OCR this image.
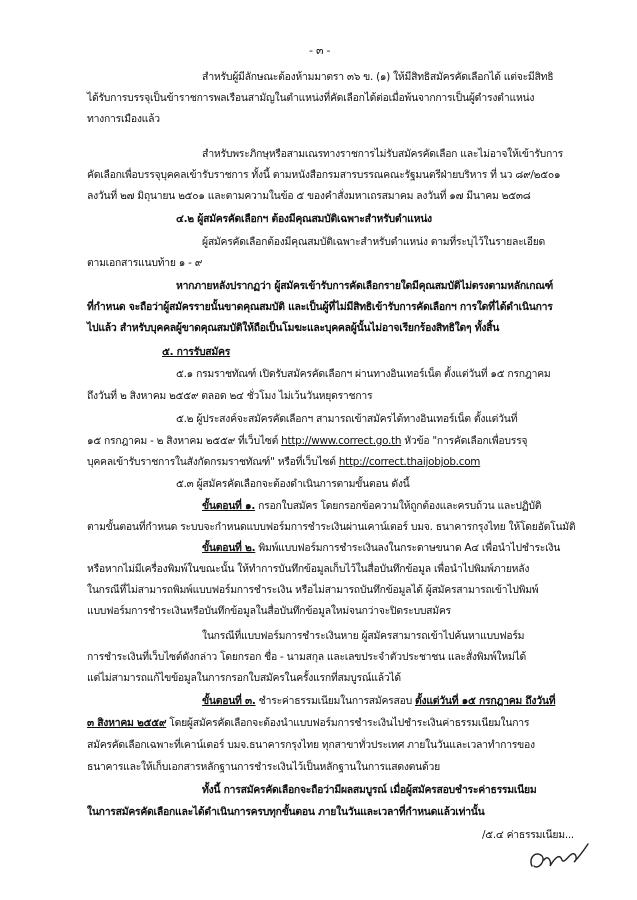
- ๓ -
สำหรับผู้มีลักษณะต้องห้ามมาตรา ๓๖ ข. (๑) ให้มีสิทธิสมัครคัดเลือกได้ แต่จะมีสิทธิ
ได้รับการบรรจุเป็นข้าราชการพลเรือนสามัญในตำแหน่งที่คัดเลือกได้ต่อเมื่อพ้นจากการเป็นผู้ดำรงตำแหน่ง
ทางการเมืองแล้ว
สำหรับพระภิกษุหรือสามเณรทางราชการไม่รับสมัครคัดเลือก และไม่อาจให้เข้ารับการ
คัดเลือกเพื่อบรรจุบุคคลเข้ารับราชการ ทั้งนี้ ตามหนังสือกรมสารบรรณคณะรัฐมนตรีฝ่ายบริหาร ที่ นว ๘๙/๒๕๐๑
ลงวันที่ ๒๗ มิถุนายน ๒๕๐๑ และตามความในข้อ ๕ ของคำสั่งมหาเถรสมาคม ลงวันที่ ๑๗ มีนาคม ๒๕๓๘
๔.๒ ผู้สมัครคัดเลือกฯ ต้องมีคุณสมบัติเฉพาะสำหรับตำแหน่ง
ผู้สมัครคัดเลือกต้องมีคุณสมบัติเฉพาะสำหรับตำแหน่ง ตามที่ระบุไว้ในรายละเอียด
ตามเอกสารแนบท้าย ๑ - ๙
หากภายหลังปรากฏว่า ผู้สมัครเข้ารับการคัดเลือกรายใดมีคุณสมบัติไม่ตรงตามหลักเกณฑ์
ที่กำหนด จะถือว่าผู้สมัครรายนั้นขาดคุณสมบัติ และเป็นผู้ที่ไม่มีสิทธิเข้ารับการคัดเลือกฯ การใดที่ได้ดำเนินการ
ไปแล้ว สำหรับบุคคลผู้ขาดคุณสมบัติให้ถือเป็นโมฆะและบุคคลผู้นั้นไม่อาจเรียกร้องสิทธิใดๆ ทั้งสิ้น
๕. การรับสมัคร
๕.๑ กรมราชทัณฑ์ เปิดรับสมัครคัดเลือกฯ ผ่านทางอินเทอร์เน็ต ตั้งแต่วันที่ ๑๕ กรกฎาคม
ถึงวันที่ ๒ สิงหาคม ๒๕๕๙ ตลอด ๒๔ ชั่วโมง ไม่เว้นวันหยุดราชการ
๕.๒ ผู้ประสงค์จะสมัครคัดเลือกฯ สามารถเข้าสมัครได้ทางอินเทอร์เน็ต ตั้งแต่วันที่
๑๕ กรกฎาคม - ๒ สิงหาคม ๒๕๕๙ ที่เว็บไซต์ http://www.correct.go.th หัวข้อ "การคัดเลือกเพื่อบรรจุ
บุคคลเข้ารับราชการในสังกัดกรมราชทัณฑ์" หรือที่เว็บไซต์ http://correct.thaijobjob.com
๕.๓ ผู้สมัครคัดเลือกจะต้องดำเนินการตามขั้นตอน ดังนี้
ขั้นตอนที่ ๑. กรอกใบสมัคร โดยกรอกข้อความให้ถูกต้องและครบถ้วน และปฏิบัติ
ตามขั้นตอนที่กำหนด ระบบจะกำหนดแบบฟอร์มการชำระเงินผ่านเคาน์เตอร์ บมจ. ธนาคารกรุงไทย ให้โดยอัตโนมัติ
ขั้นตอนที่ ๒. พิมพ์แบบฟอร์มการชำระเงินลงในกระดาษขนาด A๔ เพื่อนำไปชำระเงิน
หรือหากไม่มีเครื่องพิมพ์ในขณะนั้น ให้ทำการบันทึกข้อมูลเก็บไว้ในสื่อบันทึกข้อมูล เพื่อนำไปพิมพ์ภายหลัง
ในกรณีที่ไม่สามารถพิมพ์แบบฟอร์มการชำระเงิน หรือไม่สามารถบันทึกข้อมูลได้ ผู้สมัครสามารถเข้าไปพิมพ์
แบบฟอร์มการชำระเงินหรือบันทึกข้อมูลในสื่อบันทึกข้อมูลใหม่จนกว่าจะปิดระบบสมัคร
ในกรณีที่แบบฟอร์มการชำระเงินหาย ผู้สมัครสามารถเข้าไปค้นหาแบบฟอร์ม
การชำระเงินที่เว็บไซต์ดังกล่าว โดยกรอก ชื่อ - นามสกุล และเลขประจำตัวประชาชน และสั่งพิมพ์ใหม่ได้
แต่ไม่สามารถแก้ไขข้อมูลในการกรอกใบสมัครในครั้งแรกที่สมบูรณ์แล้วได้
ขั้นตอนที่ ๓. ชำระค่าธรรมเนียมในการสมัครสอบ ตั้งแต่วันที่ ๑๕ กรกฎาคม ถึงวันที่
๓ สิงหาคม ๒๕๕๙ โดยผู้สมัครคัดเลือกจะต้องนำแบบฟอร์มการชำระเงินไปชำระเงินค่าธรรมเนียมในการ
สมัครคัดเลือกเฉพาะที่เคาน์เตอร์ บมจ.ธนาคารกรุงไทย ทุกสาขาทั่วประเทศ ภายในวันและเวลาทำการของ
ธนาคารและให้เก็บเอกสารหลักฐานการชำระเงินไว้เป็นหลักฐานในการแสดงตนด้วย
ทั้งนี้ การสมัครคัดเลือกจะถือว่ามีผลสมบูรณ์ เมื่อผู้สมัครสอบชำระค่าธรรมเนียม
ในการสมัครคัดเลือกและได้ดำเนินการครบทุกขั้นตอน ภายในวันและเวลาที่กำหนดแล้วเท่านั้น
/๕.๔ ค่าธรรมเนียม...
